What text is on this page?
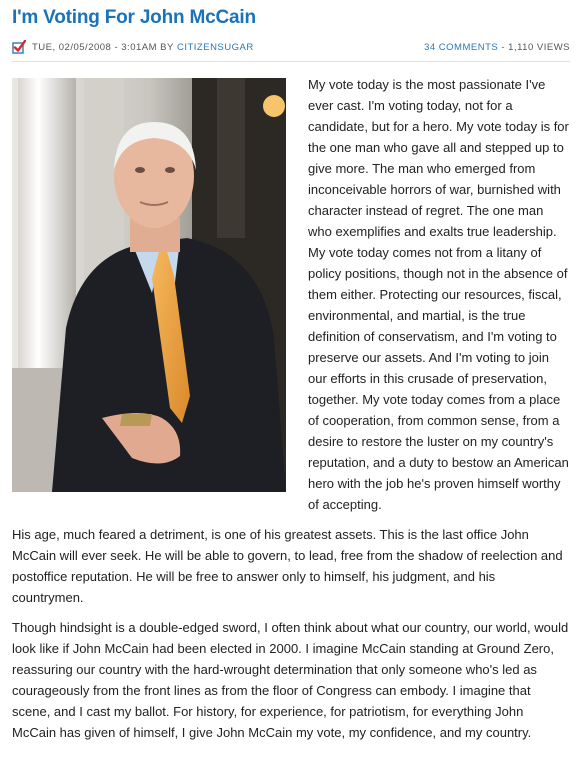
I'm Voting For John McCain
TUE, 02/05/2008 - 3:01AM
BY
CITIZENSUGAR	34 COMMENTS - 1,110 VIEWS

My vote today is the most passionate I've ever cast. I'm voting today, not for a candidate, but for a hero. My vote today is for the one man who gave all and stepped up to give more. The man who emerged from inconceivable horrors of war, burnished with character instead of regret. The one man who exemplifies and exalts true leadership.

My vote today comes not from a litany of policy positions, though not in the absence of them either. Protecting our resources, fiscal, environmental, and martial, is the true definition of conservatism, and I'm voting to preserve our assets. And I'm voting to join our efforts in this crusade of preservation, together. My vote today comes from a place of cooperation, from common sense, from a desire to restore the luster on my country's reputation, and a duty to bestow an American hero with the job he's proven himself worthy of accepting.

His age, much feared a detriment, is one of his greatest assets. This is the last office John McCain will ever seek. He will be able to govern, to lead, free from the shadow of reelection and postoffice reputation. He will be free to answer only to himself, his judgment, and his countrymen.

Though hindsight is a double-edged sword, I often think about what our country, our world, would look like if John McCain had been elected in 2000. I imagine McCain standing at Ground Zero, reassuring our country with the hard-wrought determination that only someone who's led as courageously from the front lines as from the floor of Congress can embody. I imagine that scene, and I cast my ballot. For history, for experience, for patriotism, for everything John McCain has given of himself, I give John McCain my vote, my confidence, and my country.
